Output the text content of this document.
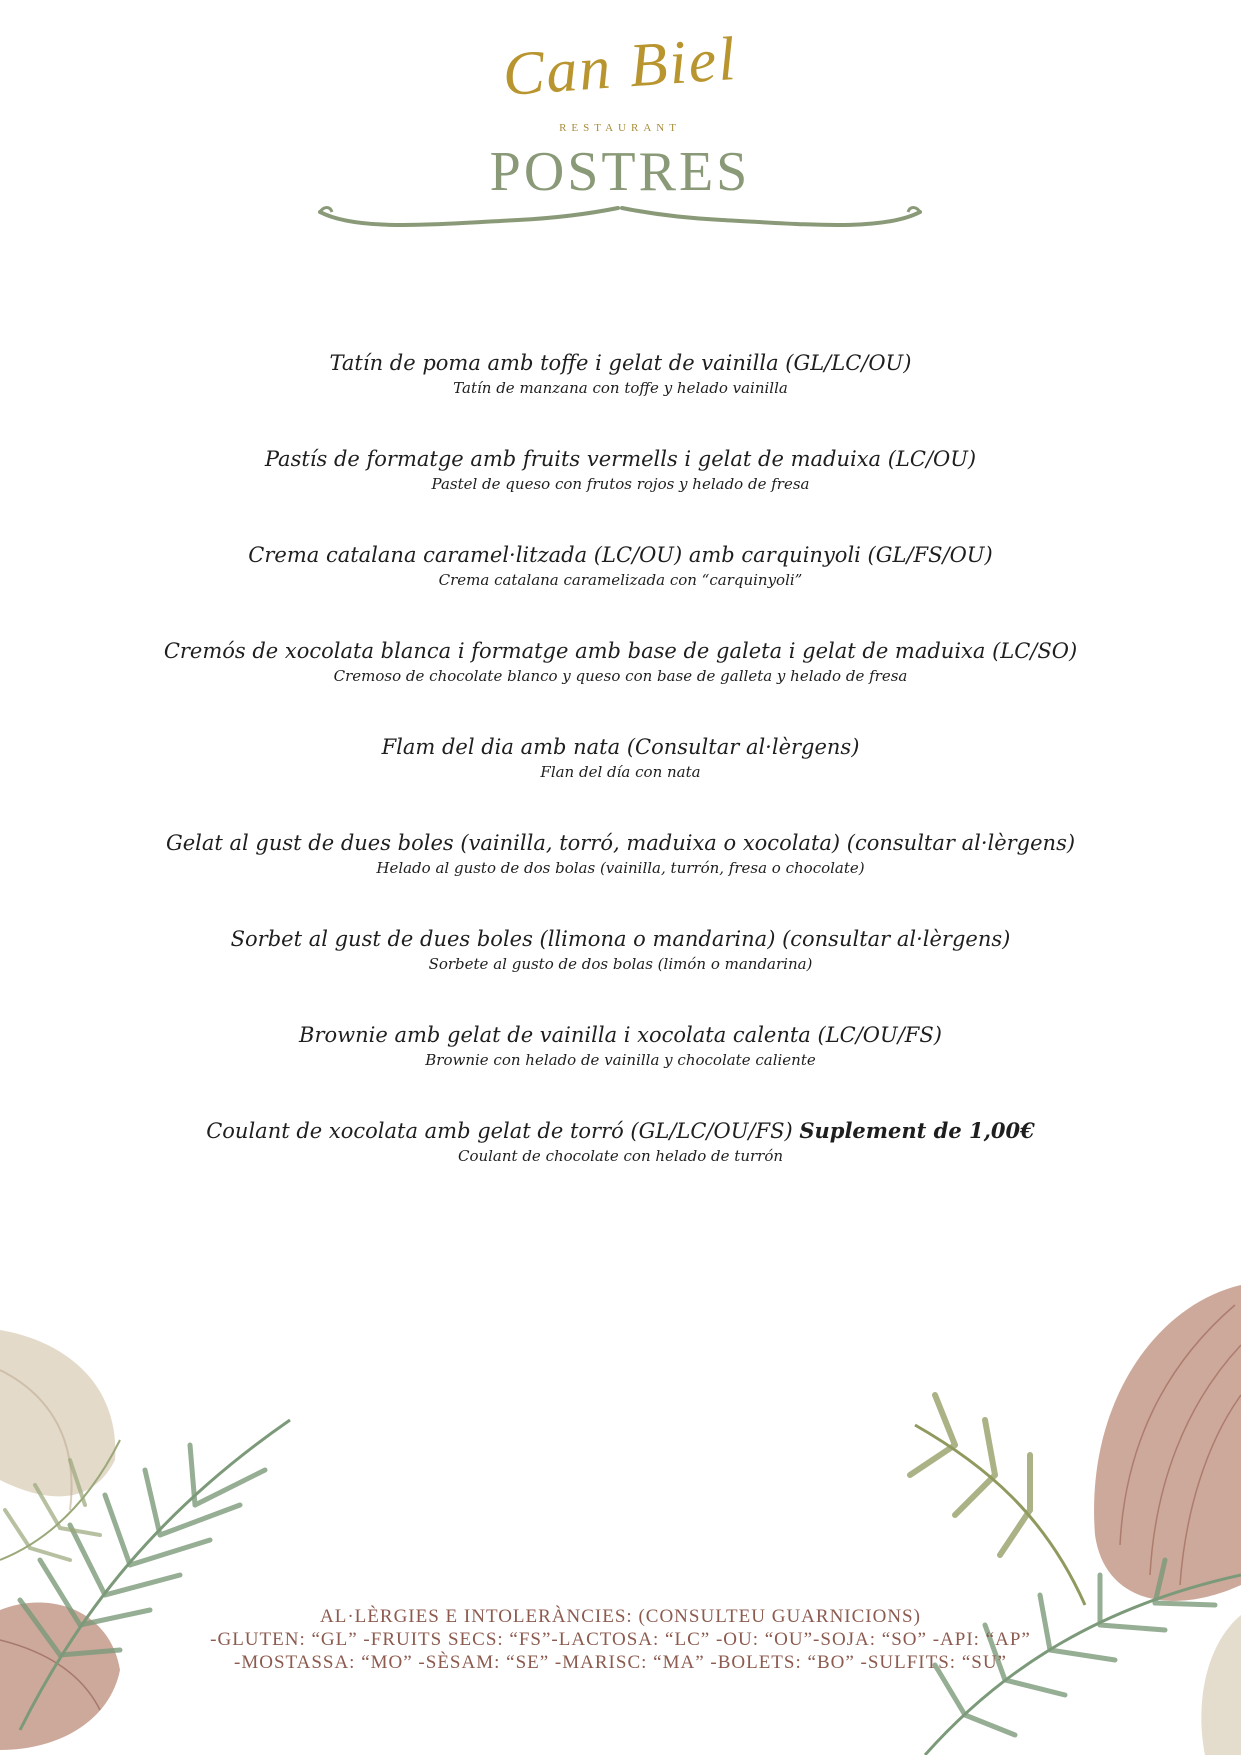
Can Biel
RESTAURANT
POSTRES
Tatín de poma amb toffe i gelat de vainilla (GL/LC/OU)
Tatín de manzana con toffe y helado vainilla
Pastís de formatge amb fruits vermells i gelat de maduixa (LC/OU)
Pastel de queso con frutos rojos y helado de fresa
Crema catalana caramel·litzada (LC/OU) amb carquinyoli (GL/FS/OU)
Crema catalana caramelizada con “carquinyoli”
Cremós de xocolata blanca i formatge amb base de galeta i gelat de maduixa (LC/SO)
Cremoso de chocolate blanco y queso con base de galleta y helado de fresa
Flam del dia amb nata (Consultar al·lèrgens)
Flan del día con nata
Gelat al gust de dues boles (vainilla, torró, maduixa o xocolata) (consultar al·lèrgens)
Helado al gusto de dos bolas (vainilla, turrón, fresa o chocolate)
Sorbet al gust de dues boles (llimona o mandarina) (consultar al·lèrgens)
Sorbete al gusto de dos bolas (limón o mandarina)
Brownie amb gelat de vainilla i xocolata calenta (LC/OU/FS)
Brownie con helado de vainilla y chocolate caliente
Coulant de xocolata amb gelat de torró (GL/LC/OU/FS) Suplement de 1,00€
Coulant de chocolate con helado de turrón
AL·LÈRGIES E INTOLERÀNCIES: (CONSULTEU GUARNICIONS)
-GLUTEN: “GL” -FRUITS SECS: “FS”-LACTOSA: “LC” -OU: “OU”-SOJA: “SO” -API: “AP”
-MOSTASSA: “MO” -SÈSAM: “SE” -MARISC: “MA” -BOLETS: “BO” -SULFITS: “SU”
